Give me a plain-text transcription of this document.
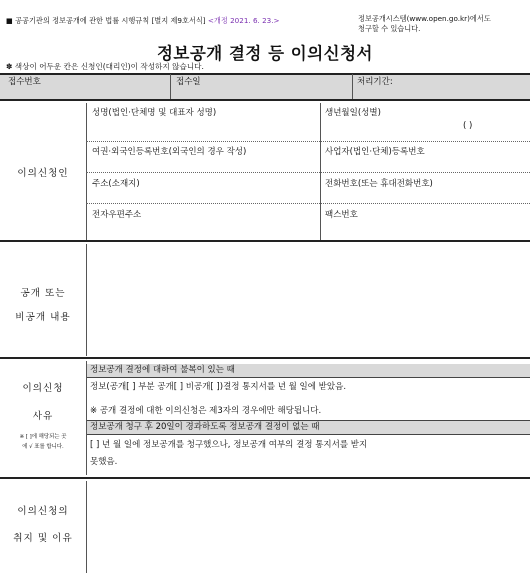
■ 공공기관의 정보공개에 관한 법률 시행규칙 [별지 제9호서식] <개정 2021. 6. 23.>	정보공개시스템(www.open.go.kr)에서도
청구할 수 있습니다.
정보공개 결정 등 이의신청서
✽ 색상이 어두운 칸은 신청인(대리인)이 작성하지 않습니다.
접수번호	접수일	처리기간:
이의신청인
성명(법인·단체명 및 대표자 성명)	생년월일(성별)
( )
여권·외국인등록번호(외국인의 경우 작성)	사업자(법인·단체)등록번호
주소(소재지)	전화번호(또는 휴대전화번호)
전자우편주소	팩스번호
공개 또는
비공개 내용
이의신청
사유
※ [ ]에 해당되는 곳
에 √ 표를 합니다.
정보공개 결정에 대하여 불복이 있는 때
정보(공개[ ] 부분 공개[ ] 비공개[ ])결정 통지서를 년 월 일에 받았음.
※ 공개 결정에 대한 이의신청은 제3자의 경우에만 해당됩니다.
정보공개 청구 후 20일이 경과하도록 정보공개 결정이 없는 때
[ ] 년 월 일에 정보공개를 청구했으나, 정보공개 여부의 결정 통지서를 받지
못했음.
이의신청의
취지 및 이유
